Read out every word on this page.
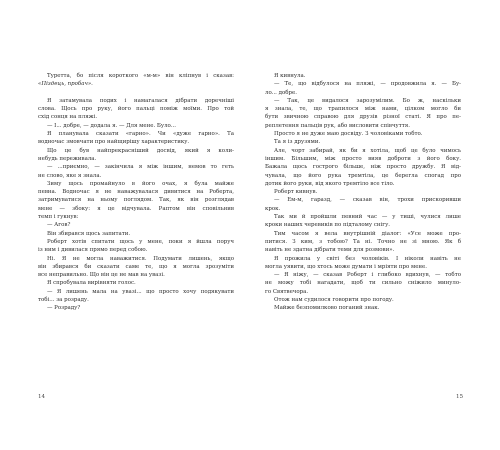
Туретта, бо після короткого «м-м» він кліпнув і сказав:
«Піздець, пробач».
Я затамувала подих і намагалася дібрати доречніші
слова. Щось про руку, його пальці поміж моїми. Про той
схід сонця на пляжі.
— І... добре, — додала я. — Для мене. Було...
Я планувала сказати «гарно». Чи «дуже гарно». Та
водночас змовчати про найщирішу характеристику.
Що це був найпрекрасніший досвід, який я коли-
небудь переживала.
— ...приємно, — закінчила я між іншим, немов то геть
не слово, яке я знала.
Зиму щось промайнуло в його очах, я була майже
певна. Водночас я не наважувалася дивитися на Роберта,
затримуватися на ньому поглядом. Так, як він розглядав
мене — збоку: я це відчувала. Раптом він сповільнив
темп і гукнув:
— Агов?
Він збирався щось запитати.
Роберт хотів спитати щось у мене, поки я йшла поруч
із ним і дивилася прямо перед собою.
Ні. Я не могла наважитися. Подумати лишень, якщо
він збирався би сказати саме те, що я могла зрозуміти
все неправильно. Що він це не мав на увазі.
Я спробувала вирівняти голос.
— Я лишень мала на увазі... що просто хочу подякувати
тобі... за розраду.
— Розраду?
Я кивнула.
— Те, що відбулося на пляжі, — продовжила я. — Бу-
ло... добре.
— Так, це видалося зарозумілим. Бо ж, наскільки
я знала, те, що трапилося між нами, цілком могло би
бути звичною справою для друзів різної статі. Я про пе-
реплетення пальців рук, або висловити співчуття.
Просто я не дуже маю досвіду. З чоловіками тобто.
Та я із друзями.
Але, чорт забирай, як би я хотіла, щоб це було чимось
іншим. Більшим, між просто вияв доброти з його боку.
Бажала щось гострого більше, ніж просто дружбу. Я від-
чувала, що його рука тремтіла, це берегла спогад про
дотик його руки, від якого тремтіло все тіло.
Роберт кивнув.
— Ем-м, гаразд, — сказав він, трохи прискоривши
крок.
Так ми й пройшли певний час — у тиші, чулися лише
кроки наших черевиків по підталому снігу.
Тим часом я вела внутрішній діалог: «Усе може про-
питися. З ким, з тобою? Та ні. Точно не зі мною. Як б
навіть не здатна дібрати теми для розмови».
Я прожила у світі без чоловіків. І ніколи навіть не
могла уявити, що хтось може думати і мріяти про мене.
— Я ніжу, — сказав Роберт і глибоко вдихнув, — тобто
не можу тобі нагадати, щоб ти сильно сніжило минуло-
го Святвечора.
Отож нам судилося говорити про погоду.
Майже безпомилково поганий знак.
14	15
